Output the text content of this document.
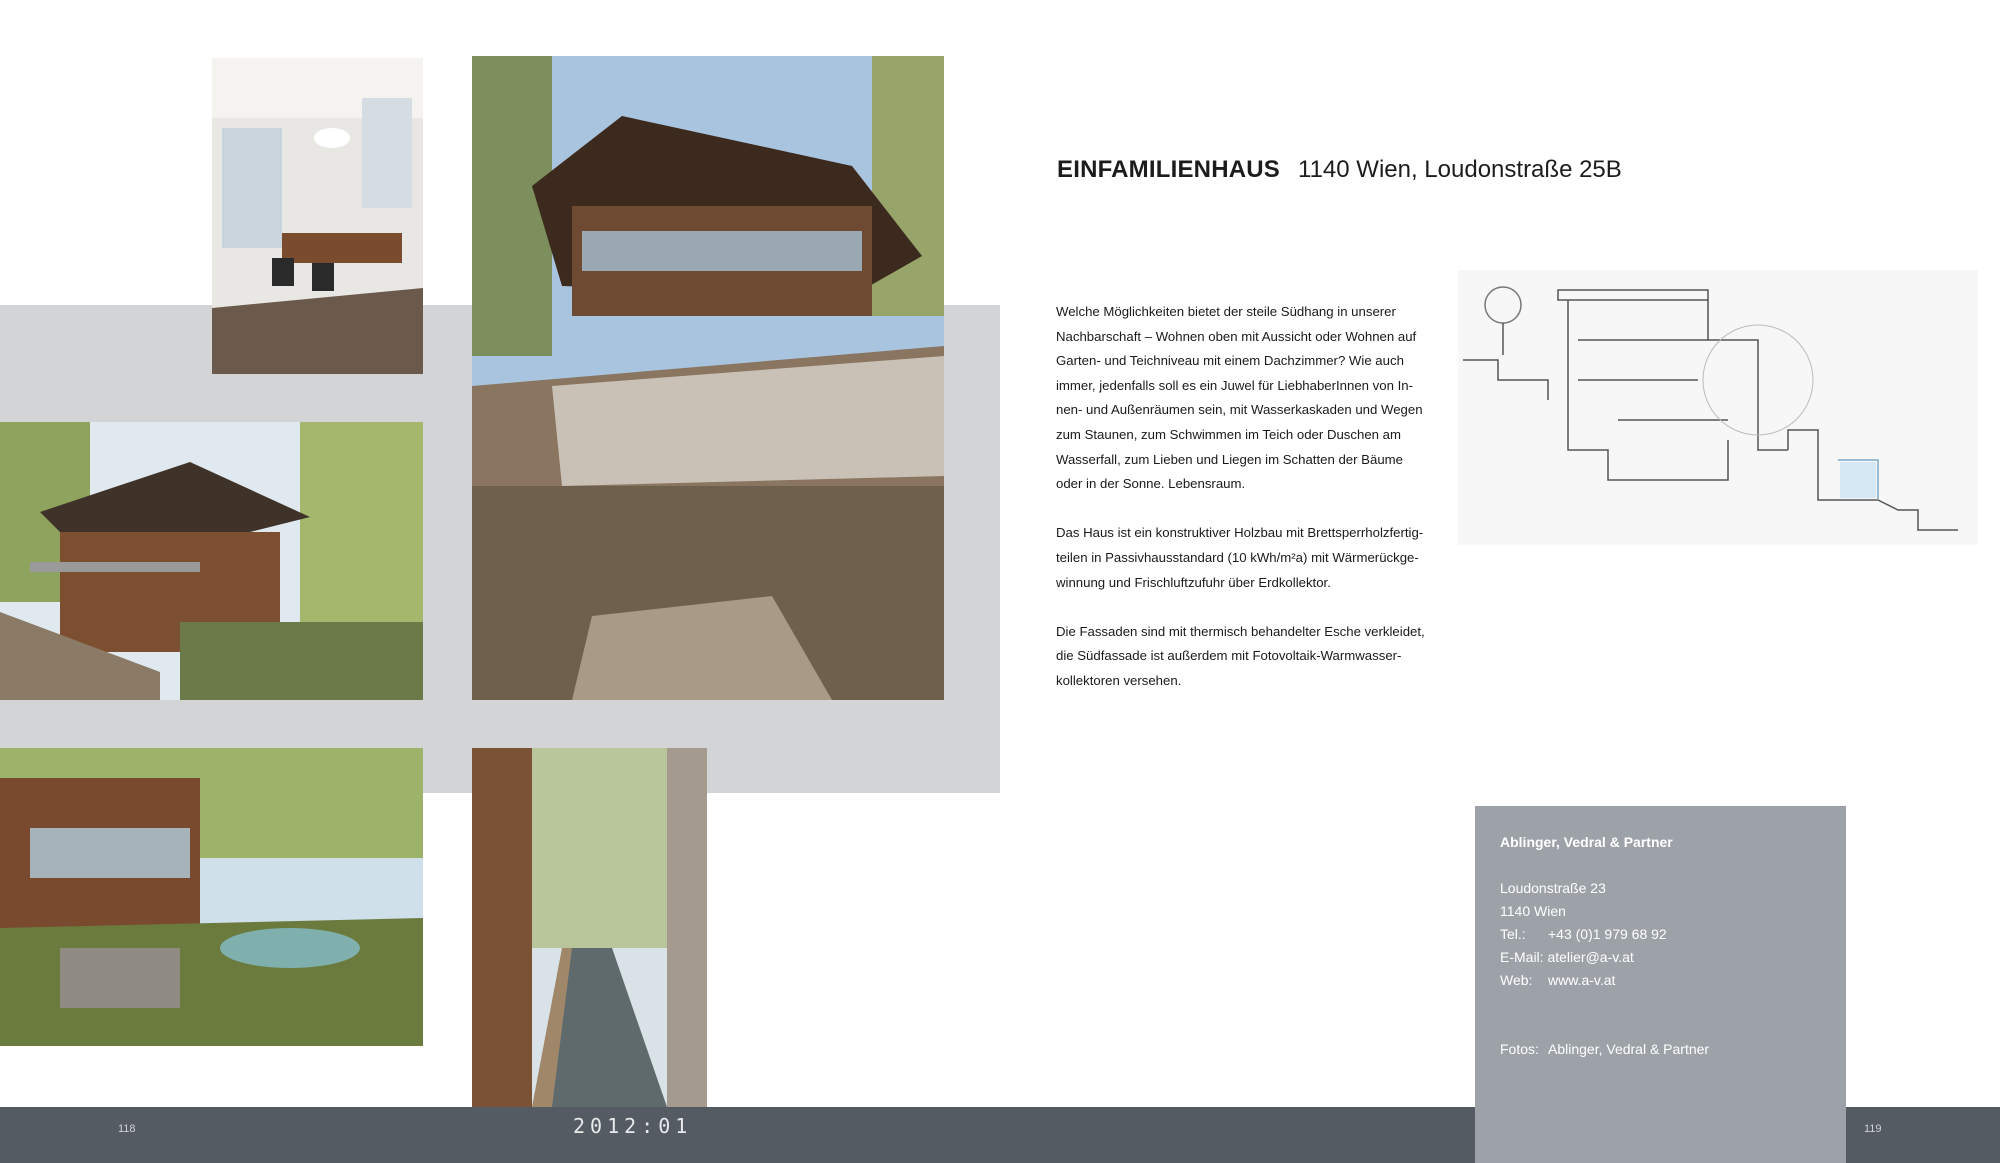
EINFAMILIENHAUS 1140 Wien, Loudonstraße 25B

Welche Möglichkeiten bietet der steile Südhang in unserer
Nachbarschaft – Wohnen oben mit Aussicht oder Wohnen auf
Garten- und Teichniveau mit einem Dachzimmer? Wie auch
immer, jedenfalls soll es ein Juwel für LiebhaberInnen von In-
nen- und Außenräumen sein, mit Wasserkaskaden und Wegen
zum Staunen, zum Schwimmen im Teich oder Duschen am
Wasserfall, zum Lieben und Liegen im Schatten der Bäume
oder in der Sonne. Lebensraum.

Das Haus ist ein konstruktiver Holzbau mit Brettsperrholzfertig-
teilen in Passivhausstandard (10 kWh/m²a) mit Wärmerückge-
winnung und Frischluftzufuhr über Erdkollektor.

Die Fassaden sind mit thermisch behandelter Esche verkleidet,
die Südfassade ist außerdem mit Fotovoltaik-Warmwasser-
kollektoren versehen.

118	2012:01	119
Ablinger, Vedral & Partner
Loudonstraße 23
1140 Wien
Tel.: +43 (0)1 979 68 92
E-Mail: atelier@a-v.at
Web: www.a-v.at
Fotos: Ablinger, Vedral & Partner
